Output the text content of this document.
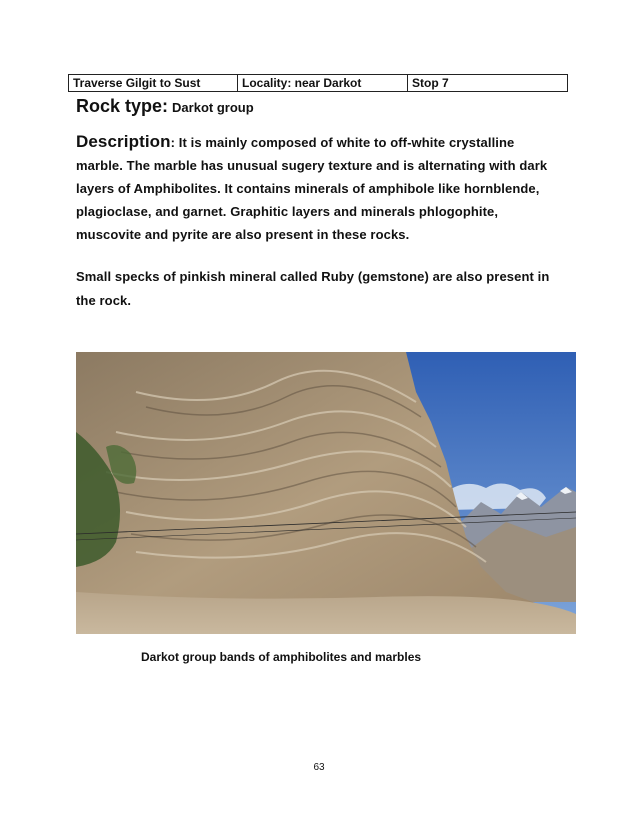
Traverse Gilgit to Sust	Locality: near Darkot	Stop 7
Rock type: Darkot group
Description: It is mainly composed of white to off-white crystalline marble. The marble has unusual sugery texture and is alternating with dark layers of Amphibolites. It contains minerals of amphibole like hornblende, plagioclase, and garnet. Graphitic layers and minerals phlogophite, muscovite and pyrite are also present in these rocks.
Small specks of pinkish mineral called Ruby (gemstone) are also present in the rock.
Darkot group bands of amphibolites and marbles
63
